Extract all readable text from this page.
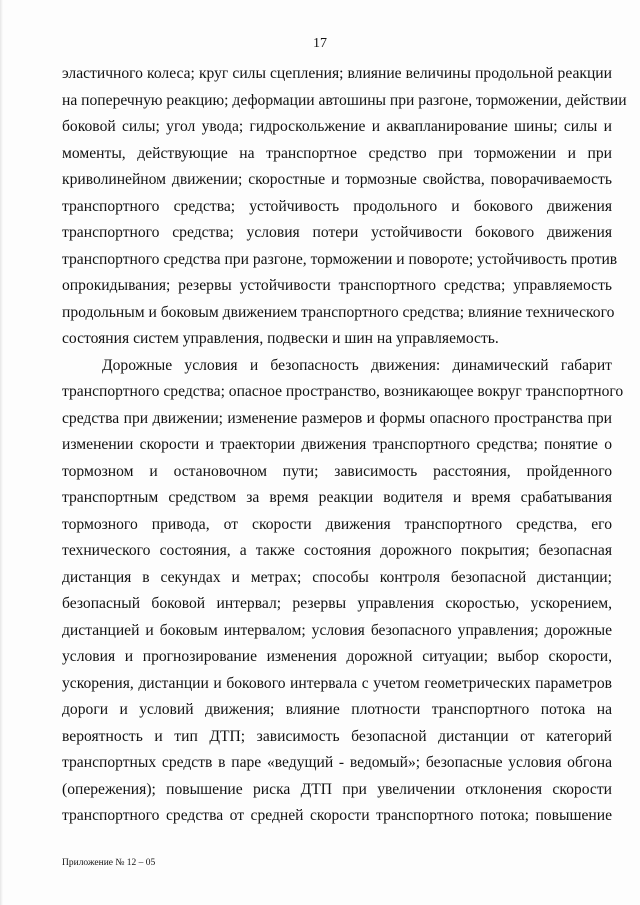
17

эластичного колеса; круг силы сцепления; влияние величины продольной реакции
на поперечную реакцию; деформации автошины при разгоне, торможении, действии
боковой силы; угол увода; гидроскольжение и аквапланирование шины; силы и
моменты, действующие на транспортное средство при торможении и при
криволинейном движении; скоростные и тормозные свойства, поворачиваемость
транспортного средства; устойчивость продольного и бокового движения
транспортного средства; условия потери устойчивости бокового движения
транспортного средства при разгоне, торможении и повороте; устойчивость против
опрокидывания; резервы устойчивости транспортного средства; управляемость
продольным и боковым движением транспортного средства; влияние технического
состояния систем управления, подвески и шин на управляемость.

Дорожные условия и безопасность движения: динамический габарит
транспортного средства; опасное пространство, возникающее вокруг транспортного
средства при движении; изменение размеров и формы опасного пространства при
изменении скорости и траектории движения транспортного средства; понятие о
тормозном и остановочном пути; зависимость расстояния, пройденного
транспортным средством за время реакции водителя и время срабатывания
тормозного привода, от скорости движения транспортного средства, его
технического состояния, а также состояния дорожного покрытия; безопасная
дистанция в секундах и метрах; способы контроля безопасной дистанции;
безопасный боковой интервал; резервы управления скоростью, ускорением,
дистанцией и боковым интервалом; условия безопасного управления; дорожные
условия и прогнозирование изменения дорожной ситуации; выбор скорости,
ускорения, дистанции и бокового интервала с учетом геометрических параметров
дороги и условий движения; влияние плотности транспортного потока на
вероятность и тип ДТП; зависимость безопасной дистанции от категорий
транспортных средств в паре «ведущий - ведомый»; безопасные условия обгона
(опережения); повышение риска ДТП при увеличении отклонения скорости
транспортного средства от средней скорости транспортного потока; повышение

Приложение № 12 – 05
